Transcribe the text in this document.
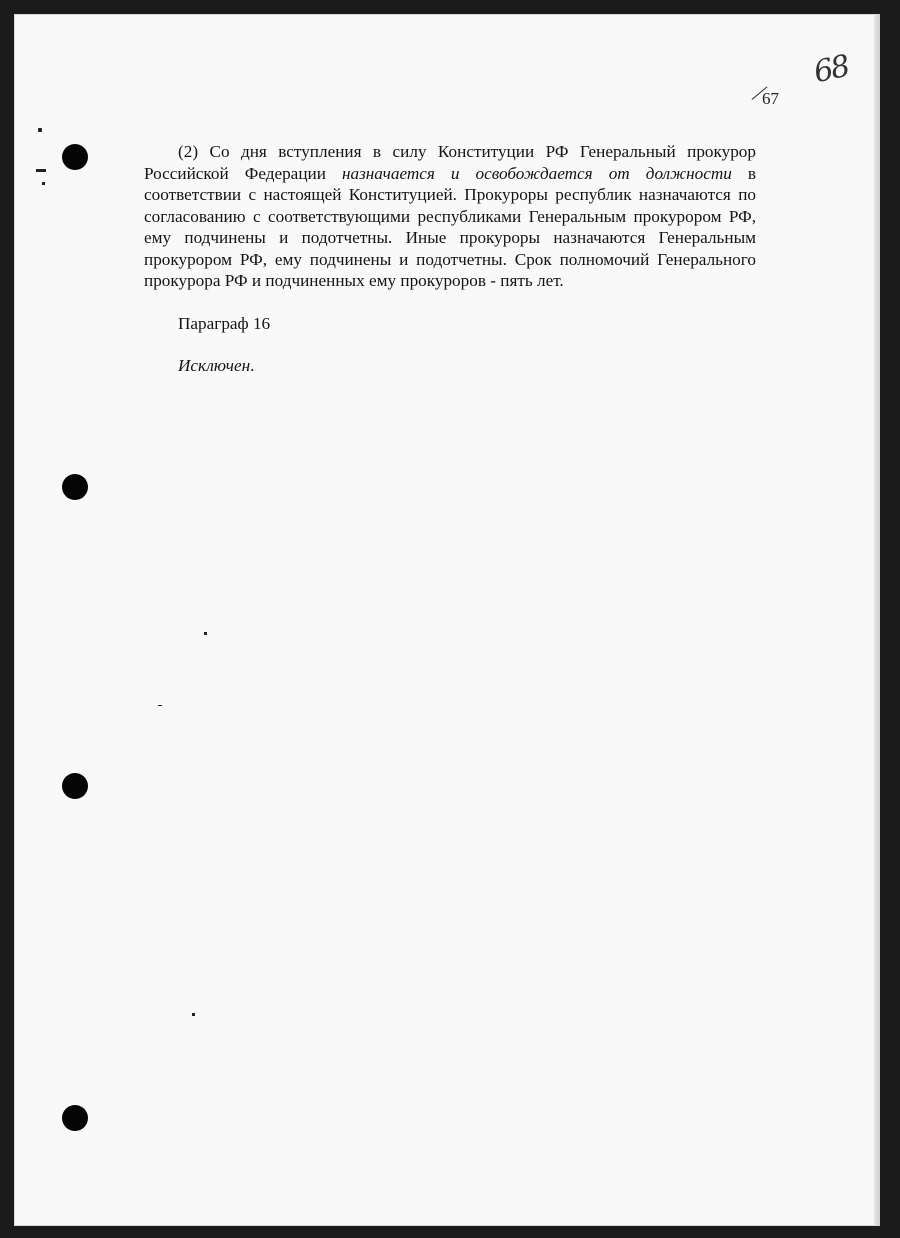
68
67

(2) Со дня вступления в силу Конституции РФ Генеральный прокурор Российской Федерации назначается и освобождается от должности в соответствии с настоящей Конституцией. Прокуроры республик назначаются по согласованию с соответствующими республиками Генеральным прокурором РФ, ему подчинены и подотчетны. Иные прокуроры назначаются Генеральным прокурором РФ, ему подчинены и подотчетны. Срок полномочий Генерального прокурора РФ и подчиненных ему прокуроров - пять лет.

Параграф 16

Исключен.
